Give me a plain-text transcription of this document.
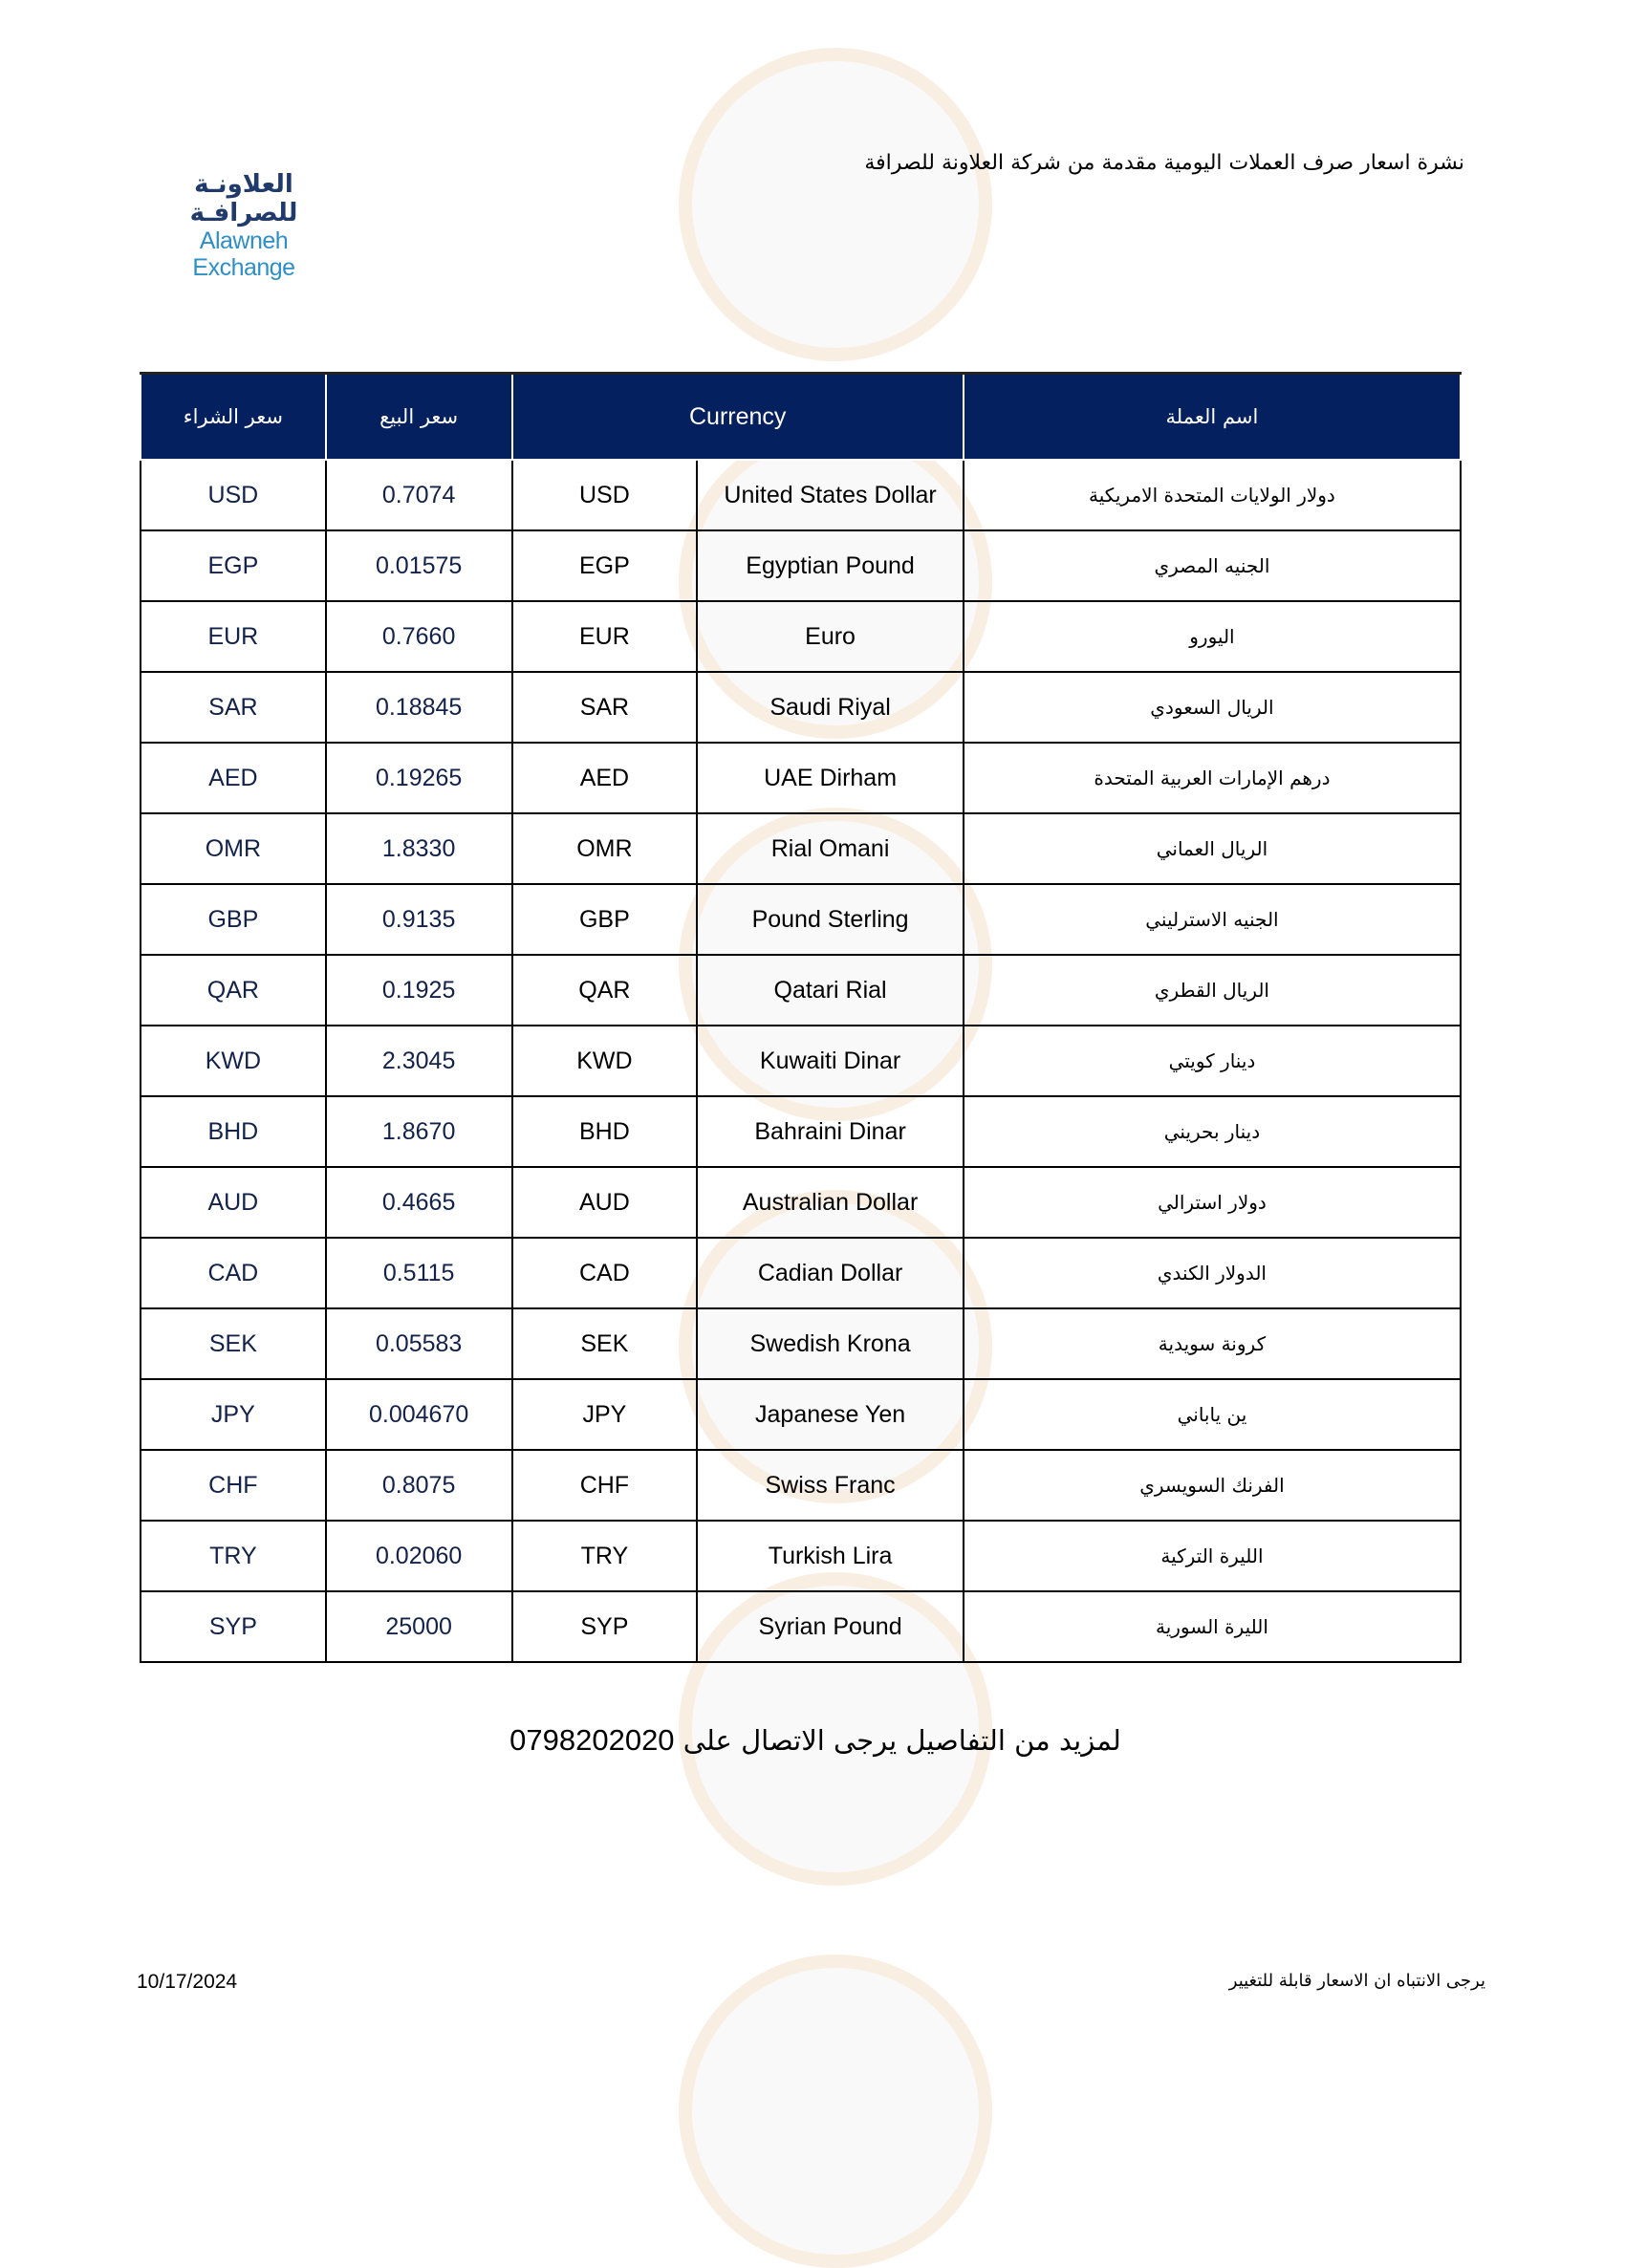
العلاونـة للصرافـة
Alawneh Exchange
نشرة اسعار صرف العملات اليومية مقدمة من شركة العلاونة للصرافة
سعر الشراء	سعر البيع	Currency		اسم العملة
USD	0.7074	USD	United States Dollar	دولار الولايات المتحدة الامريكية
EGP	0.01575	EGP	Egyptian Pound	الجنيه المصري
EUR	0.7660	EUR	Euro	اليورو
SAR	0.18845	SAR	Saudi Riyal	الريال السعودي
AED	0.19265	AED	UAE Dirham	درهم الإمارات العربية المتحدة
OMR	1.8330	OMR	Rial Omani	الريال العماني
GBP	0.9135	GBP	Pound Sterling	الجنيه الاسترليني
QAR	0.1925	QAR	Qatari Rial	الريال القطري
KWD	2.3045	KWD	Kuwaiti Dinar	دينار كويتي
BHD	1.8670	BHD	Bahraini Dinar	دينار بحريني
AUD	0.4665	AUD	Australian Dollar	دولار استرالي
CAD	0.5115	CAD	Cadian Dollar	الدولار الكندي
SEK	0.05583	SEK	Swedish Krona	كرونة سويدية
JPY	0.004670	JPY	Japanese Yen	ين ياباني
CHF	0.8075	CHF	Swiss Franc	الفرنك السويسري
TRY	0.02060	TRY	Turkish Lira	الليرة التركية
SYP	25000	SYP	Syrian Pound	الليرة السورية
لمزيد من التفاصيل يرجى الاتصال على 0798202020
10/17/2024	يرجى الانتباه ان الاسعار قابلة للتغيير
